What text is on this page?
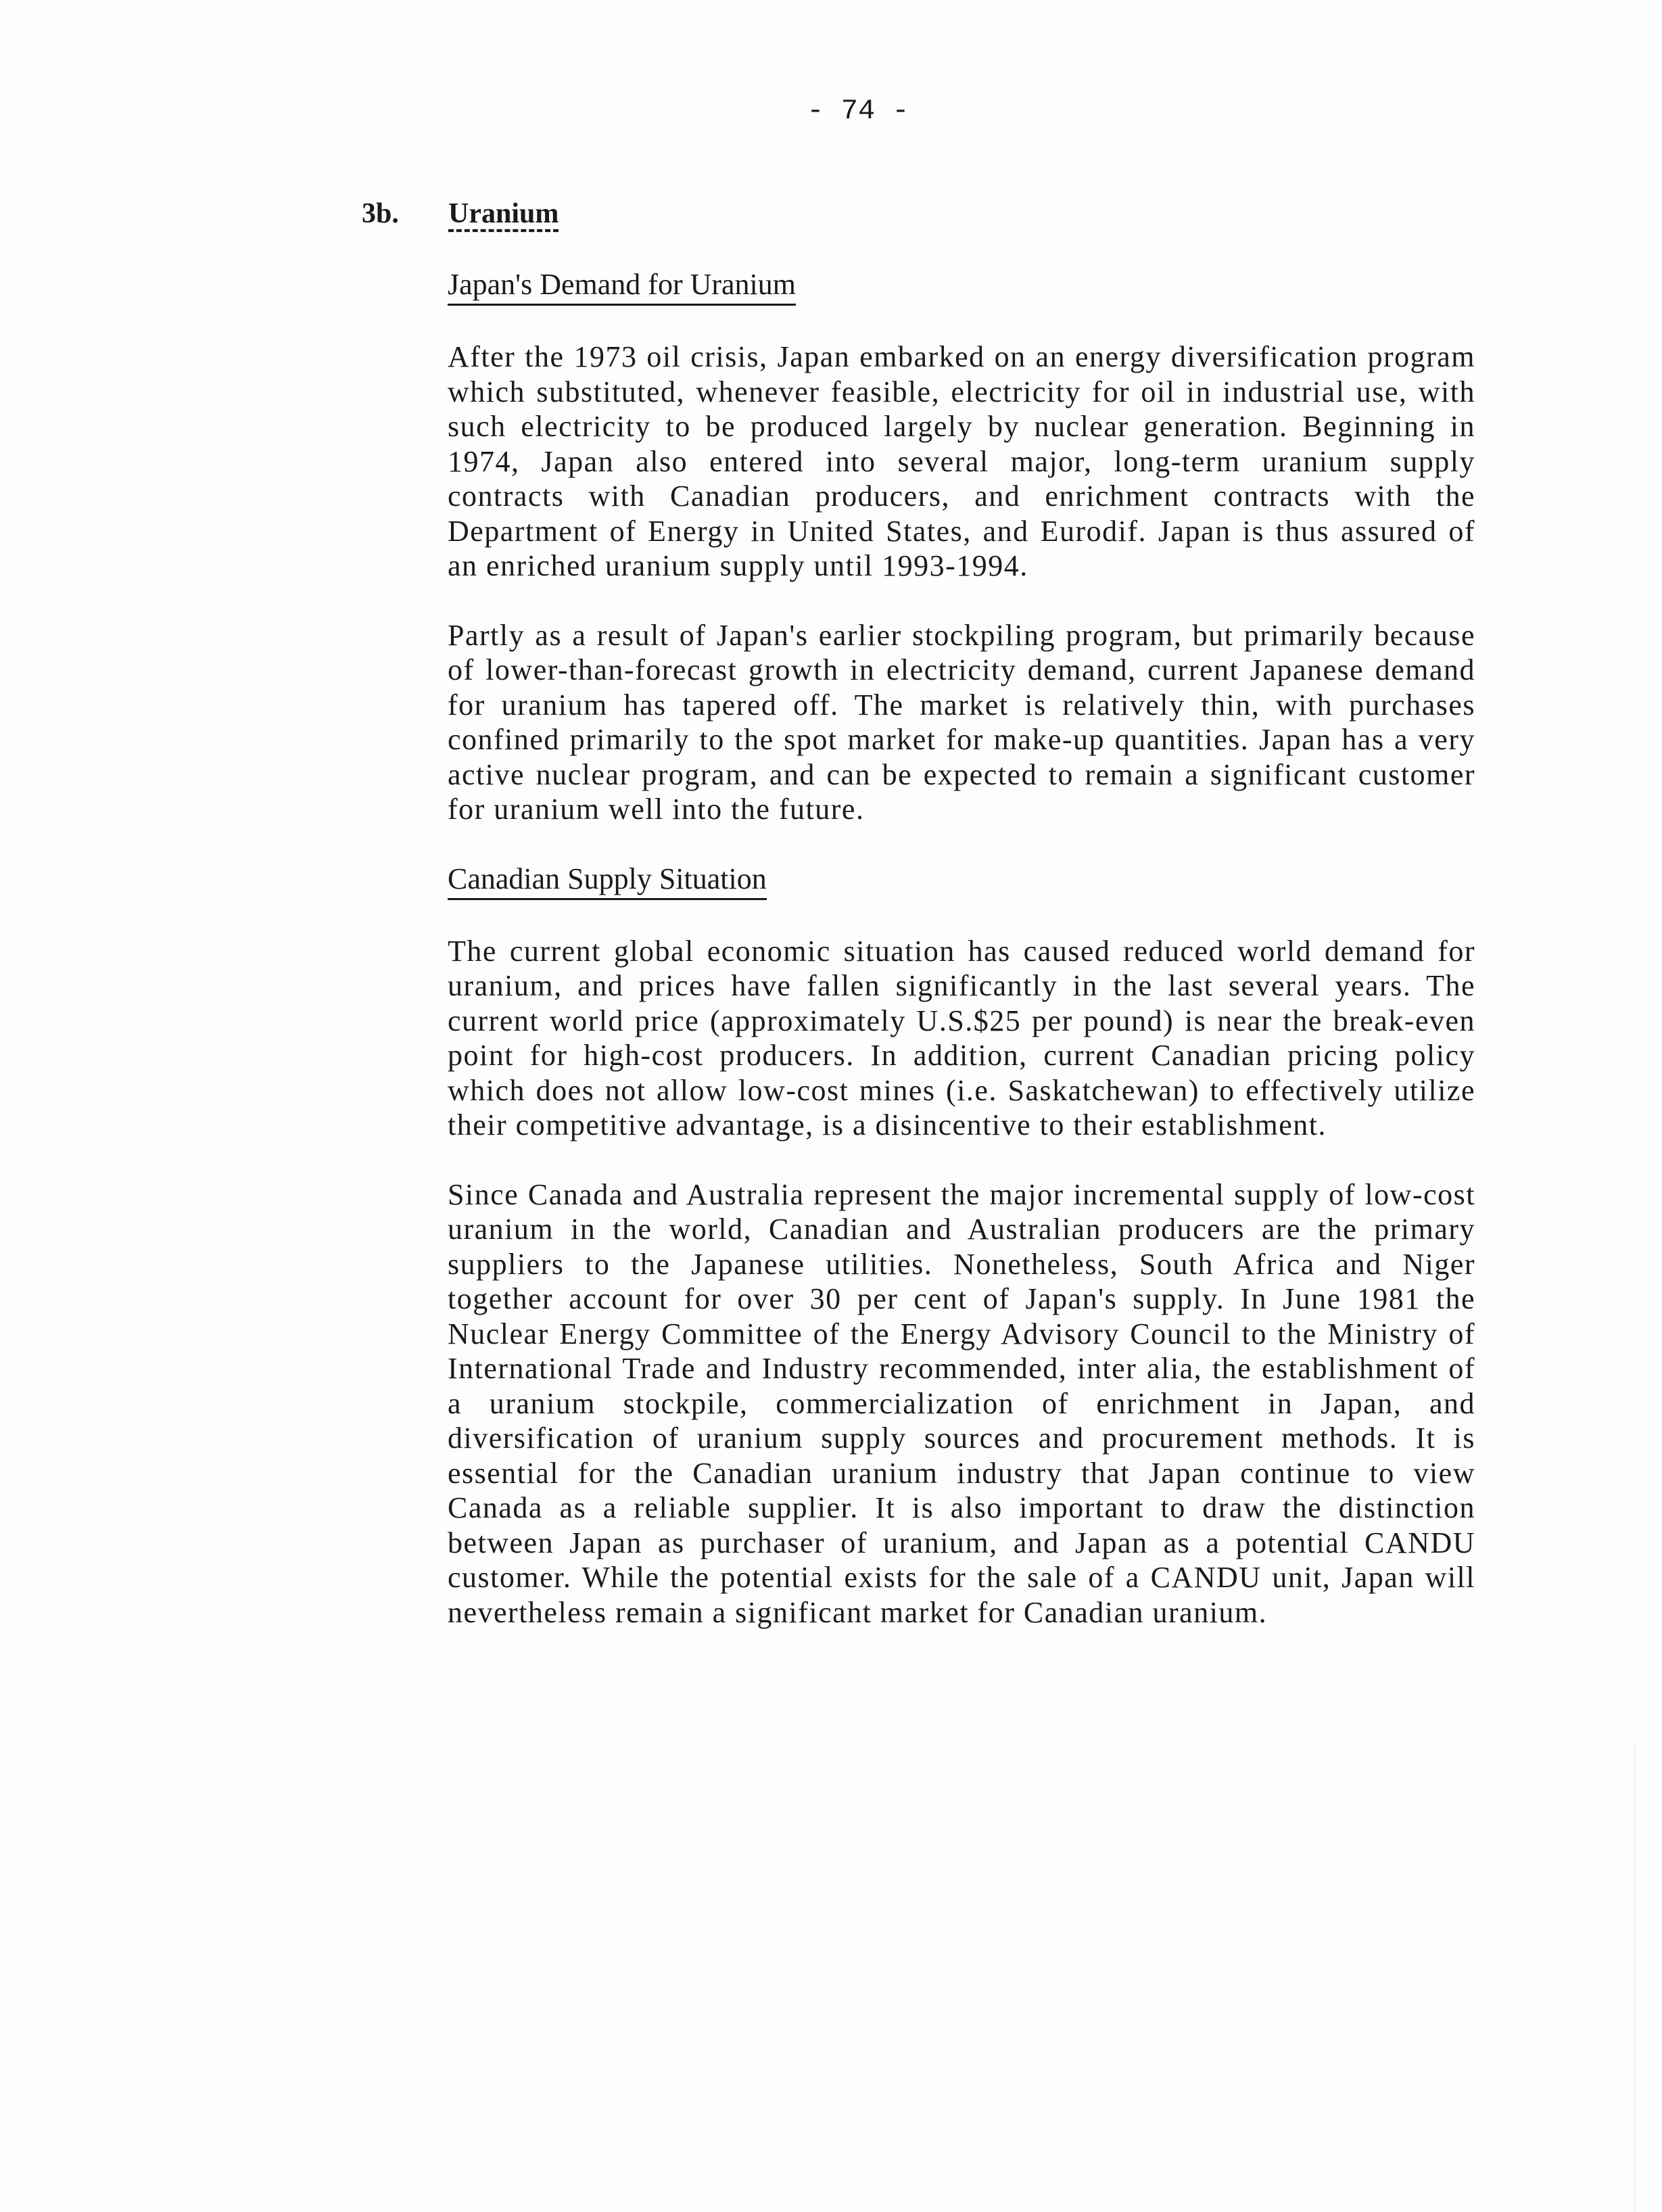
- 74 -
3b. Uranium
Japan's Demand for Uranium

After the 1973 oil crisis, Japan embarked on an energy diversification program which substituted, whenever feasible, electricity for oil in industrial use, with such electricity to be produced largely by nuclear generation. Beginning in 1974, Japan also entered into several major, long-term uranium supply contracts with Canadian producers, and enrichment contracts with the Department of Energy in United States, and Eurodif. Japan is thus assured of an enriched uranium supply until 1993-1994.

Partly as a result of Japan's earlier stockpiling program, but primarily because of lower-than-forecast growth in electricity demand, current Japanese demand for uranium has tapered off. The market is relatively thin, with purchases confined primarily to the spot market for make-up quantities. Japan has a very active nuclear program, and can be expected to remain a significant customer for uranium well into the future.

Canadian Supply Situation

The current global economic situation has caused reduced world demand for uranium, and prices have fallen significantly in the last several years. The current world price (approximately U.S.$25 per pound) is near the break-even point for high-cost producers. In addition, current Canadian pricing policy which does not allow low-cost mines (i.e. Saskatchewan) to effectively utilize their competitive advantage, is a disincentive to their establishment.

Since Canada and Australia represent the major incremental supply of low-cost uranium in the world, Canadian and Australian producers are the primary suppliers to the Japanese utilities. Nonetheless, South Africa and Niger together account for over 30 per cent of Japan's supply. In June 1981 the Nuclear Energy Committee of the Energy Advisory Council to the Ministry of International Trade and Industry recommended, inter alia, the establishment of a uranium stockpile, commercialization of enrichment in Japan, and diversification of uranium supply sources and procurement methods. It is essential for the Canadian uranium industry that Japan continue to view Canada as a reliable supplier. It is also important to draw the distinction between Japan as purchaser of uranium, and Japan as a potential CANDU customer. While the potential exists for the sale of a CANDU unit, Japan will nevertheless remain a significant market for Canadian uranium.
